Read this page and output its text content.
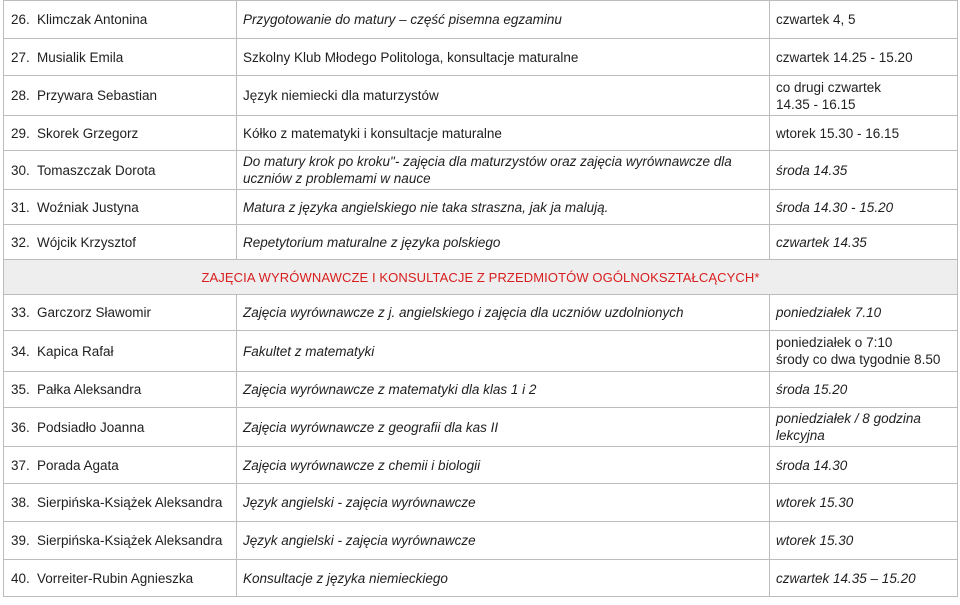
26. Klimczak Antonina	Przygotowanie do matury – część pisemna egzaminu	czwartek 4, 5
27. Musialik Emila	Szkolny Klub Młodego Politologa, konsultacje maturalne	czwartek 14.25 - 15.20
28. Przywara Sebastian	Język niemiecki dla maturzystów	co drugi czwartek
14.35 - 16.15
29. Skorek Grzegorz	Kółko z matematyki i konsultacje maturalne	wtorek 15.30 - 16.15
30. Tomaszczak Dorota	Do matury krok po kroku"- zajęcia dla maturzystów oraz zajęcia wyrównawcze dla uczniów z problemami w nauce	środa 14.35
31. Woźniak Justyna	Matura z języka angielskiego nie taka straszna, jak ja malują.	środa 14.30 - 15.20
32. Wójcik Krzysztof	Repetytorium maturalne z języka polskiego	czwartek 14.35
ZAJĘCIA WYRÓWNAWCZE I KONSULTACJE Z PRZEDMIOTÓW OGÓLNOKSZTAŁCĄCYCH*		
33. Garczorz Sławomir	Zajęcia wyrównawcze z j. angielskiego i zajęcia dla uczniów uzdolnionych	poniedziałek 7.10
34. Kapica Rafał	Fakultet z matematyki	poniedziałek o 7:10
środy co dwa tygodnie 8.50
35. Pałka Aleksandra	Zajęcia wyrównawcze z matematyki dla klas 1 i 2	środa 15.20
36. Podsiadło Joanna	Zajęcia wyrównawcze z geografii dla kas II	poniedziałek / 8 godzina
lekcyjna
37. Porada Agata	Zajęcia wyrównawcze z chemii i biologii	środa 14.30
38. Sierpińska-Książek Aleksandra	Język angielski - zajęcia wyrównawcze	wtorek 15.30
39. Sierpińska-Książek Aleksandra	Język angielski - zajęcia wyrównawcze	wtorek 15.30
40. Vorreiter-Rubin Agnieszka	Konsultacje z języka niemieckiego	czwartek 14.35 – 15.20
